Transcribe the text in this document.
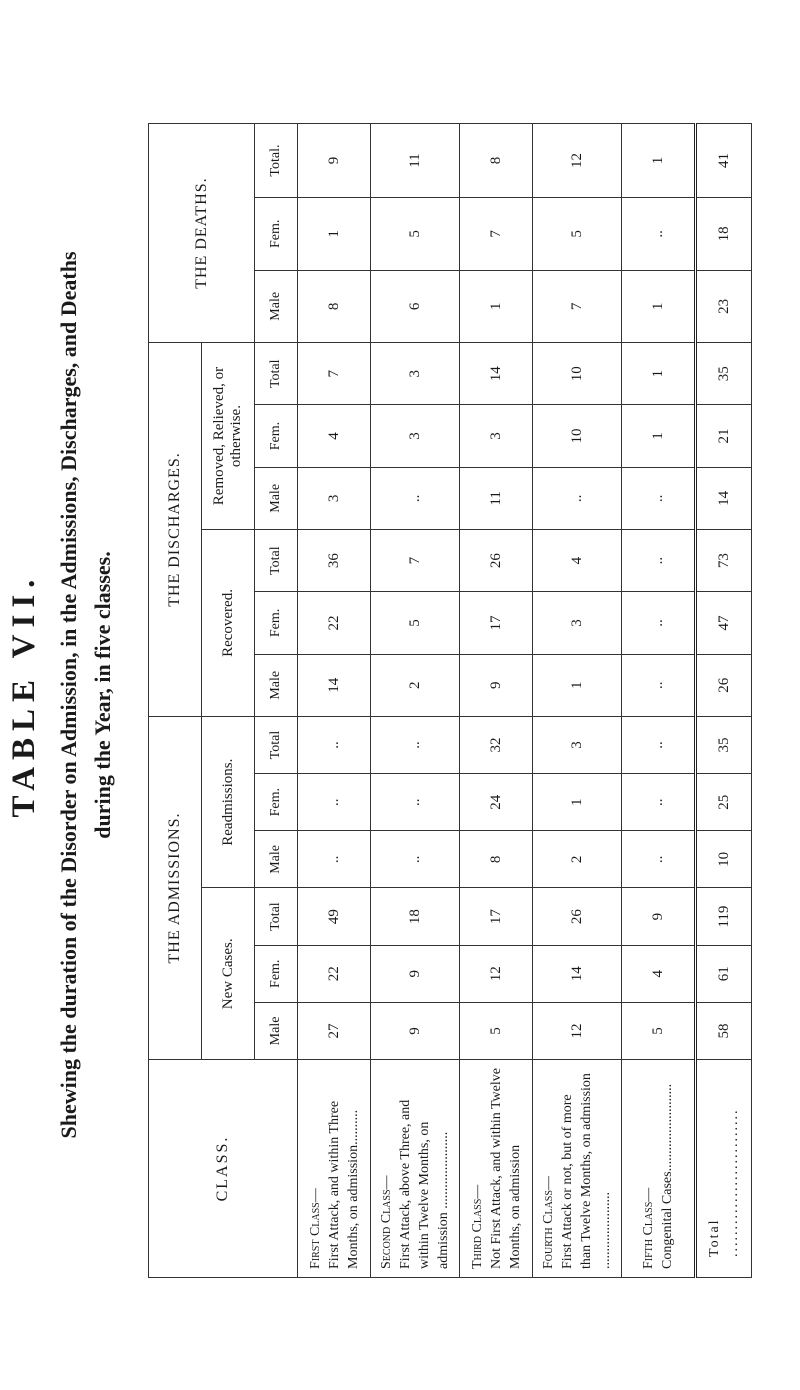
TABLE VII. Shewing the duration of the Disorder on Admission, in the Admissions, Discharges, and Deaths during the Year, in five classes.
CLASS.	THE ADMISSIONS.						THE DISCHARGES.						THE DEATHS.		
	New Cases.			Readmissions.			Recovered.			Removed, Relieved, or otherwise.					
	Male	Fem.	Total	Male	Fem.	Total	Male	Fem.	Total	Male	Fem.	Total	Male	Fem.	Total.
First Class— First Attack, and within Three Months, on admission..........	27	22	49	..	..	..	14	22	36	3	4	7	8	1	9
Second Class— First Attack, above Three, and within Twelve Months, on admission ......................	9	9	18	..	..	..	2	5	7	..	3	3	6	5	11
Third Class— Not First Attack, and within Twelve Months, on admission	5	12	17	8	24	32	9	17	26	11	3	14	1	7	8
Fourth Class— First Attack or not, but of more than Twelve Months, on admission ......................	12	14	26	2	1	3	1	3	4	..	10	10	7	5	12
Fifth Class— Congenital Cases.........................	5	4	9	..	..	..	..	..	..	..	1	1	1	..	1
Total ...........................	58	61	119	10	25	35	26	47	73	14	21	35	23	18	41
